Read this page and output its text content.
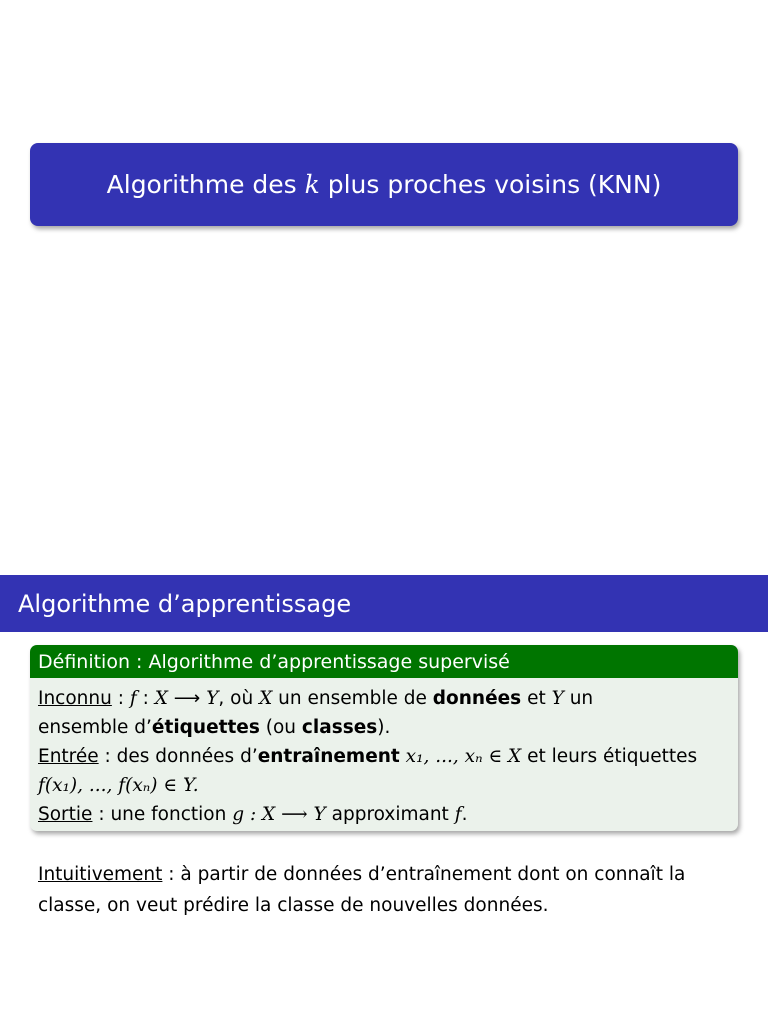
Algorithme des k plus proches voisins (KNN)
Algorithme d’apprentissage
Définition : Algorithme d’apprentissage supervisé

Inconnu : f : X ⟶ Y, où X un ensemble de données et Y un

ensemble d’étiquettes (ou classes).

Entrée : des données d’entraînement x₁, ..., xₙ ∈ X et leurs étiquettes

f(x₁), ..., f(xₙ) ∈ Y.

Sortie : une fonction g : X ⟶ Y approximant f.

Intuitivement : à partir de données d’entraînement dont on connaît la

classe, on veut prédire la classe de nouvelles données.
